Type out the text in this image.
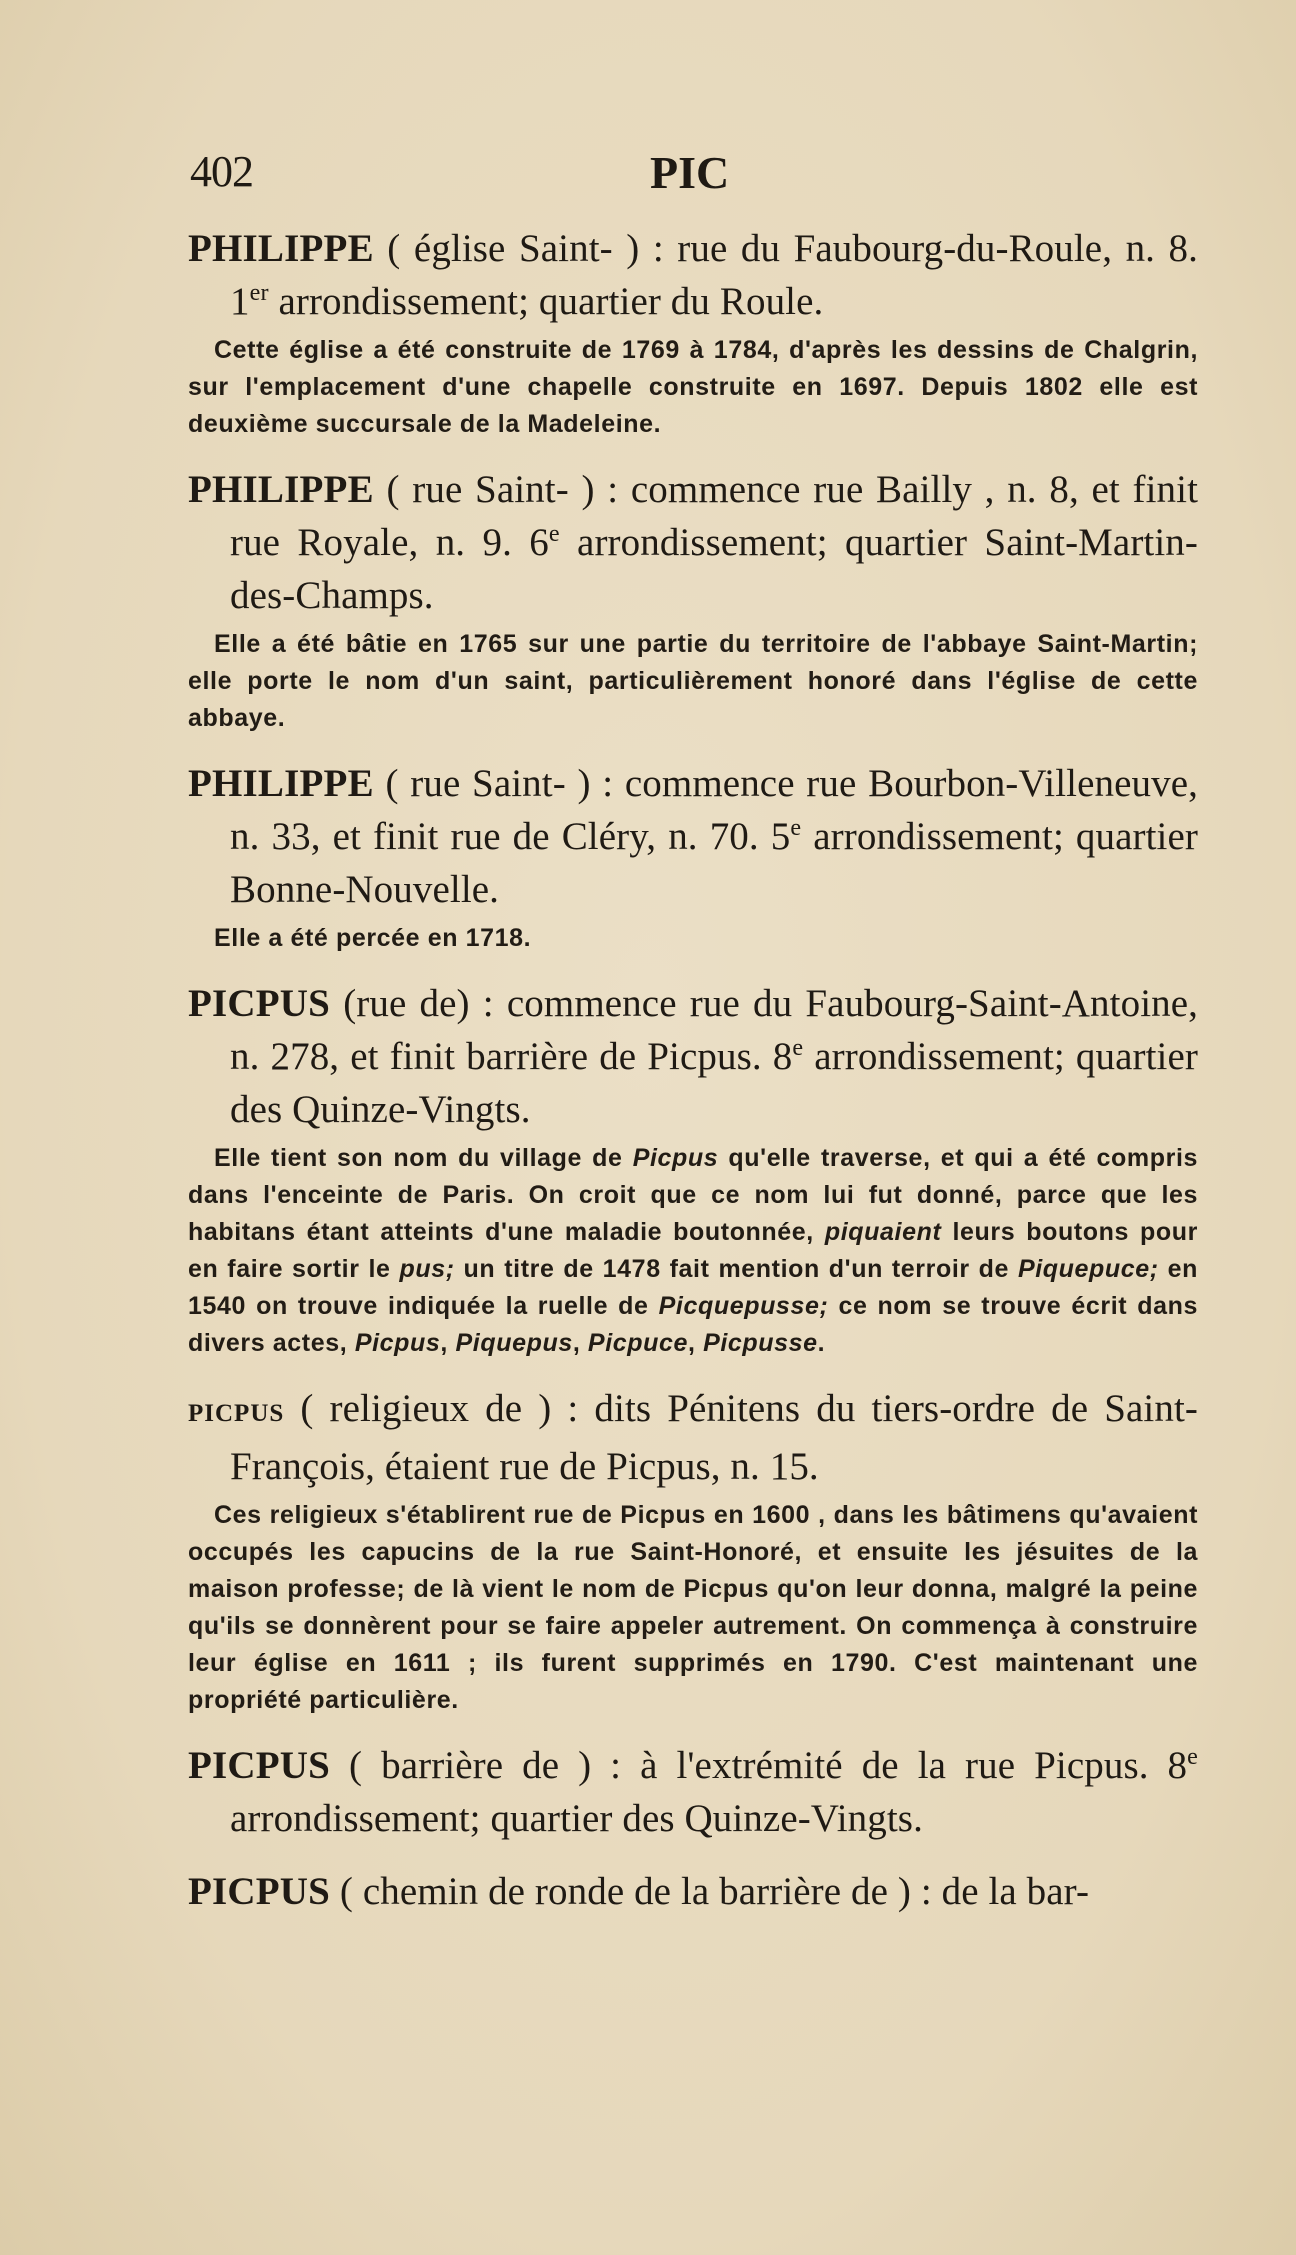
402	PIC

PHILIPPE ( église Saint- ) : rue du Faubourg-du-Roule, n. 8. 1er arrondissement; quartier du Roule.

Cette église a été construite de 1769 à 1784, d'après les dessins de Chalgrin, sur l'emplacement d'une chapelle construite en 1697. Depuis 1802 elle est deuxième succursale de la Madeleine.

PHILIPPE ( rue Saint- ) : commence rue Bailly , n. 8, et finit rue Royale, n. 9. 6e arrondissement; quartier Saint-Martin-des-Champs.

Elle a été bâtie en 1765 sur une partie du territoire de l'abbaye Saint-Martin; elle porte le nom d'un saint, particulièrement honoré dans l'église de cette abbaye.

PHILIPPE ( rue Saint- ) : commence rue Bourbon-Villeneuve, n. 33, et finit rue de Cléry, n. 70. 5e arrondissement; quartier Bonne-Nouvelle.

Elle a été percée en 1718.

PICPUS (rue de) : commence rue du Faubourg-Saint-Antoine, n. 278, et finit barrière de Picpus. 8e arrondissement; quartier des Quinze-Vingts.

Elle tient son nom du village de Picpus qu'elle traverse, et qui a été compris dans l'enceinte de Paris. On croit que ce nom lui fut donné, parce que les habitans étant atteints d'une maladie boutonnée, piquaient leurs boutons pour en faire sortir le pus; un titre de 1478 fait mention d'un terroir de Piquepuce; en 1540 on trouve indiquée la ruelle de Picquepusse; ce nom se trouve écrit dans divers actes, Picpus, Piquepus, Picpuce, Picpusse.

PICPUS ( religieux de ) : dits Pénitens du tiers-ordre de Saint-François, étaient rue de Picpus, n. 15.

Ces religieux s'établirent rue de Picpus en 1600 , dans les bâtimens qu'avaient occupés les capucins de la rue Saint-Honoré, et ensuite les jésuites de la maison professe; de là vient le nom de Picpus qu'on leur donna, malgré la peine qu'ils se donnèrent pour se faire appeler autrement. On commença à construire leur église en 1611 ; ils furent supprimés en 1790. C'est maintenant une propriété particulière.

PICPUS ( barrière de ) : à l'extrémité de la rue Picpus. 8e arrondissement; quartier des Quinze-Vingts.

PICPUS ( chemin de ronde de la barrière de ) : de la bar-
